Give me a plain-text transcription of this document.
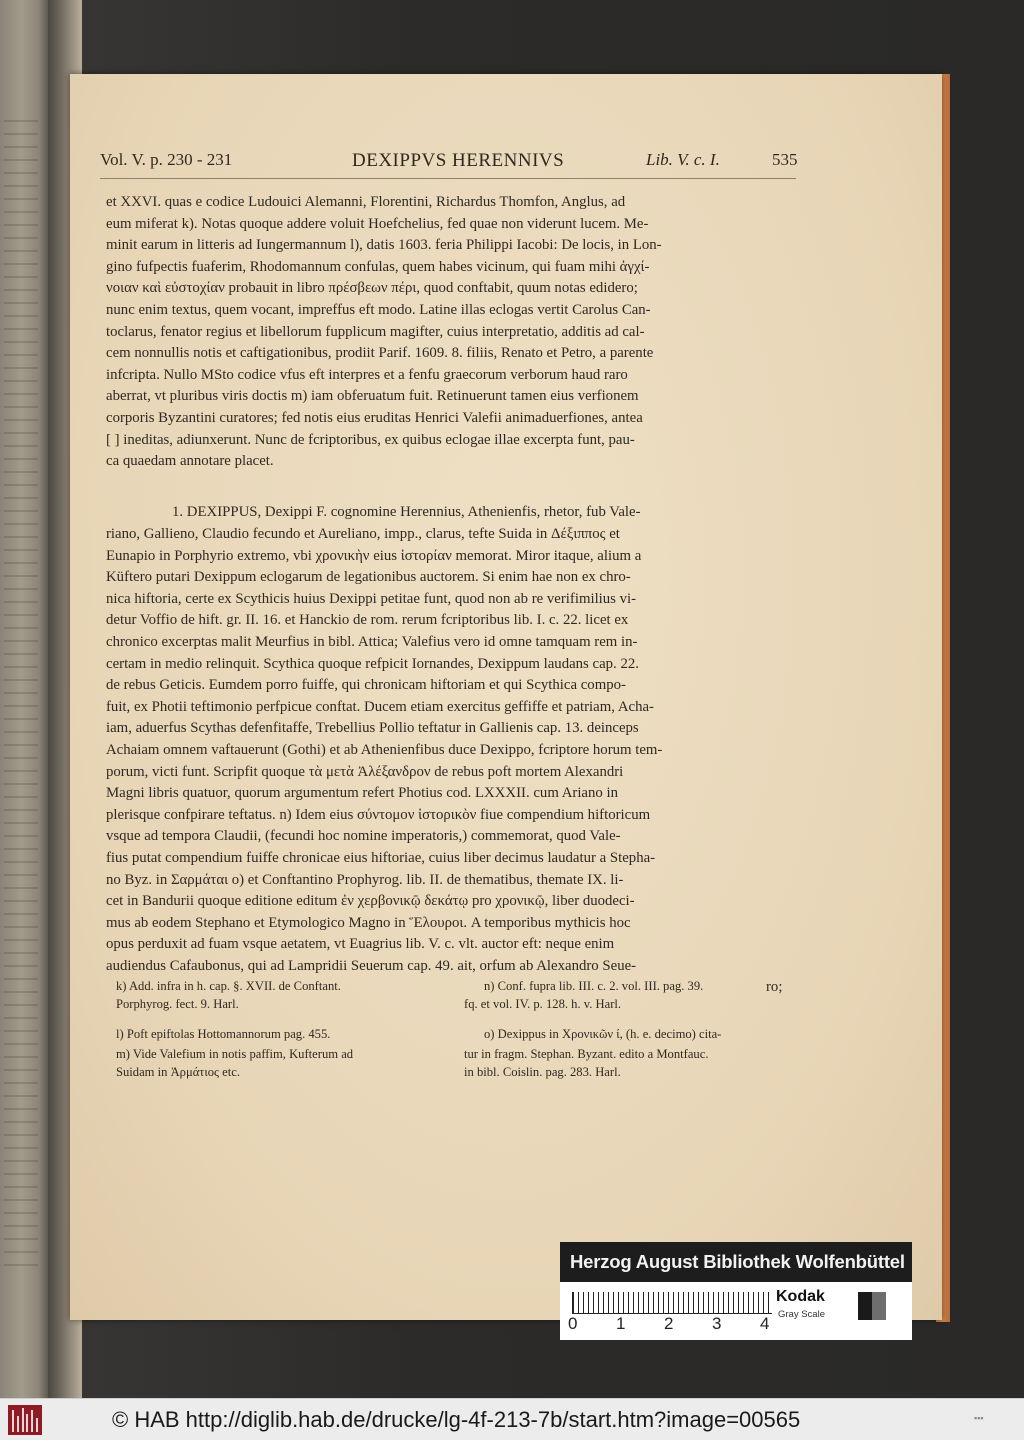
Vol. V. p. 230 - 231	DEXIPPVS HERENNIVS	Lib. V. c. I.	535
et XXVI. quas e codice Ludouici Alemanni, Florentini, Richardus Thomfon, Anglus, ad
eum miferat k). Notas quoque addere voluit Hoefchelius, fed quae non viderunt lucem. Me-
minit earum in litteris ad Iungermannum l), datis 1603. feria Philippi Iacobi: De locis, in Lon-
gino fufpectis fuaferim, Rhodomannum confulas, quem habes vicinum, qui fuam mihi ἀγχί-
νοιαν καὶ εὐστοχίαν probauit in libro πρέσβεων πέρι, quod conftabit, quum notas edidero;
nunc enim textus, quem vocant, impreffus eft modo. Latine illas eclogas vertit Carolus Can-
toclarus, fenator regius et libellorum fupplicum magifter, cuius interpretatio, additis ad cal-
cem nonnullis notis et caftigationibus, prodiit Parif. 1609. 8. filiis, Renato et Petro, a parente
infcripta. Nullo MSto codice vfus eft interpres et a fenfu graecorum verborum haud raro
aberrat, vt pluribus viris doctis m) iam obferuatum fuit. Retinuerunt tamen eius verfionem
corporis Byzantini curatores; fed notis eius eruditas Henrici Valefii animaduerfiones, antea
[ ] ineditas, adiunxerunt. Nunc de fcriptoribus, ex quibus eclogae illae excerpta funt, pau-
ca quaedam annotare placet.
1. DEXIPPUS, Dexippi F. cognomine Herennius, Athenienfis, rhetor, fub Vale-
riano, Gallieno, Claudio fecundo et Aureliano, impp., clarus, tefte Suida in Δέξιππος et
Eunapio in Porphyrio extremo, vbi χρονικὴν eius ἱστορίαν memorat. Miror itaque, alium a
Küftero putari Dexippum eclogarum de legationibus auctorem. Si enim hae non ex chro-
nica hiftoria, certe ex Scythicis huius Dexippi petitae funt, quod non ab re verifimilius vi-
detur Voffio de hift. gr. II. 16. et Hanckio de rom. rerum fcriptoribus lib. I. c. 22. licet ex
chronico excerptas malit Meurfius in bibl. Attica; Valefius vero id omne tamquam rem in-
certam in medio relinquit. Scythica quoque refpicit Iornandes, Dexippum laudans cap. 22.
de rebus Geticis. Eumdem porro fuiffe, qui chronicam hiftoriam et qui Scythica compo-
fuit, ex Photii teftimonio perfpicue conftat. Ducem etiam exercitus geffiffe et patriam, Acha-
iam, aduerfus Scythas defenfitaffe, Trebellius Pollio teftatur in Gallienis cap. 13. deinceps
Achaiam omnem vaftauerunt (Gothi) et ab Athenienfibus duce Dexippo, fcriptore horum tem-
porum, victi funt. Scripfit quoque τὰ μετὰ Ἀλέξανδρον de rebus poft mortem Alexandri
Magni libris quatuor, quorum argumentum refert Photius cod. LXXXII. cum Ariano in
plerisque confpirare teftatus. n) Idem eius σύντομον ἱστορικὸν fiue compendium hiftoricum
vsque ad tempora Claudii, (fecundi hoc nomine imperatoris,) commemorat, quod Vale-
fius putat compendium fuiffe chronicae eius hiftoriae, cuius liber decimus laudatur a Stepha-
no Byz. in Σαρμάται o) et Conftantino Prophyrog. lib. II. de thematibus, themate IX. li-
cet in Bandurii quoque editione editum ἐν χερβονικῷ δεκάτῳ pro χρονικῷ, liber duodeci-
mus ab eodem Stephano et Etymologico Magno in Ἕλουροι. A temporibus mythicis hoc
opus perduxit ad fuam vsque aetatem, vt Euagrius lib. V. c. vlt. auctor eft: neque enim
audiendus Cafaubonus, qui ad Lampridii Seuerum cap. 49. ait, orfum ab Alexandro Seue-
ro;
k) Add. infra in h. cap. §. XVII. de Conftant.
Porphyrog. fect. 9. Harl.
l) Poft epiftolas Hottomannorum pag. 455.
m) Vide Valefium in notis paffim, Kufterum ad
Suidam in Ἀρμάτιος etc.
n) Conf. fupra lib. III. c. 2. vol. III. pag. 39.
fq. et vol. IV. p. 128. h. v. Harl.
o) Dexippus in Χρονικῶν ί, (h. e. decimo) cita-
tur in fragm. Stephan. Byzant. edito a Montfauc.
in bibl. Coislin. pag. 283. Harl.
Herzog August Bibliothek Wolfenbüttel
0 1 2 3 4
Kodak
Gray Scale
© HAB http://diglib.hab.de/drucke/lg-4f-213-7b/start.htm?image=00565	▪▪▪
